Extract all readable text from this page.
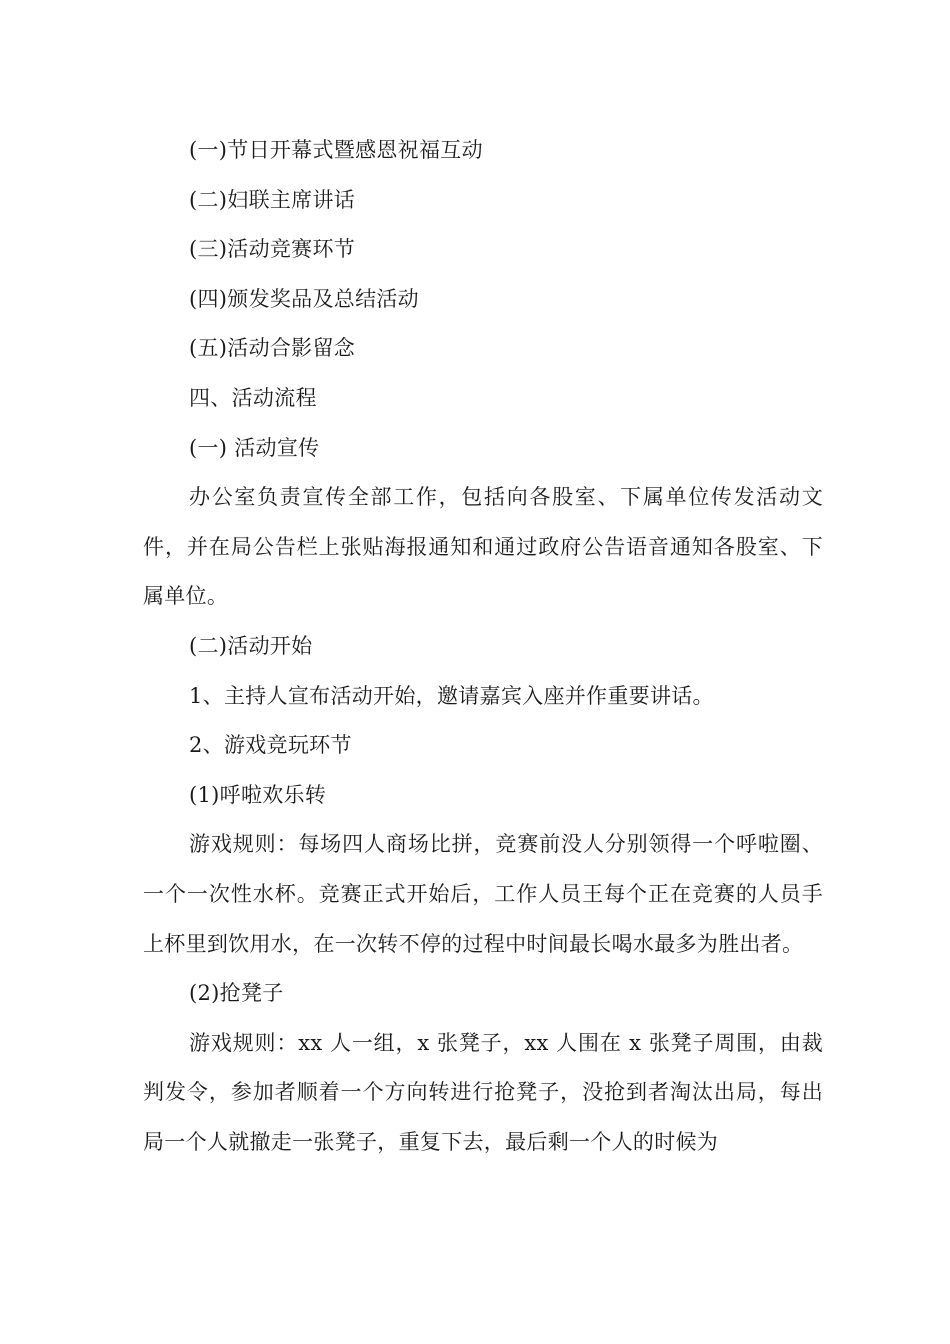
(一)节日开幕式暨感恩祝福互动

(二)妇联主席讲话

(三)活动竞赛环节

(四)颁发奖品及总结活动

(五)活动合影留念

四、活动流程

(一) 活动宣传

办公室负责宣传全部工作，包括向各股室、下属单位传发活动文件，并在局公告栏上张贴海报通知和通过政府公告语音通知各股室、下属单位。

(二)活动开始

1、主持人宣布活动开始，邀请嘉宾入座并作重要讲话。

2、游戏竞玩环节

(1)呼啦欢乐转

游戏规则：每场四人商场比拼，竞赛前没人分别领得一个呼啦圈、一个一次性水杯。竞赛正式开始后，工作人员王每个正在竞赛的人员手上杯里到饮用水，在一次转不停的过程中时间最长喝水最多为胜出者。

(2)抢凳子

游戏规则：xx 人一组，x 张凳子，xx 人围在 x 张凳子周围，由裁判发令，参加者顺着一个方向转进行抢凳子，没抢到者淘汰出局，每出局一个人就撤走一张凳子，重复下去，最后剩一个人的时候为
